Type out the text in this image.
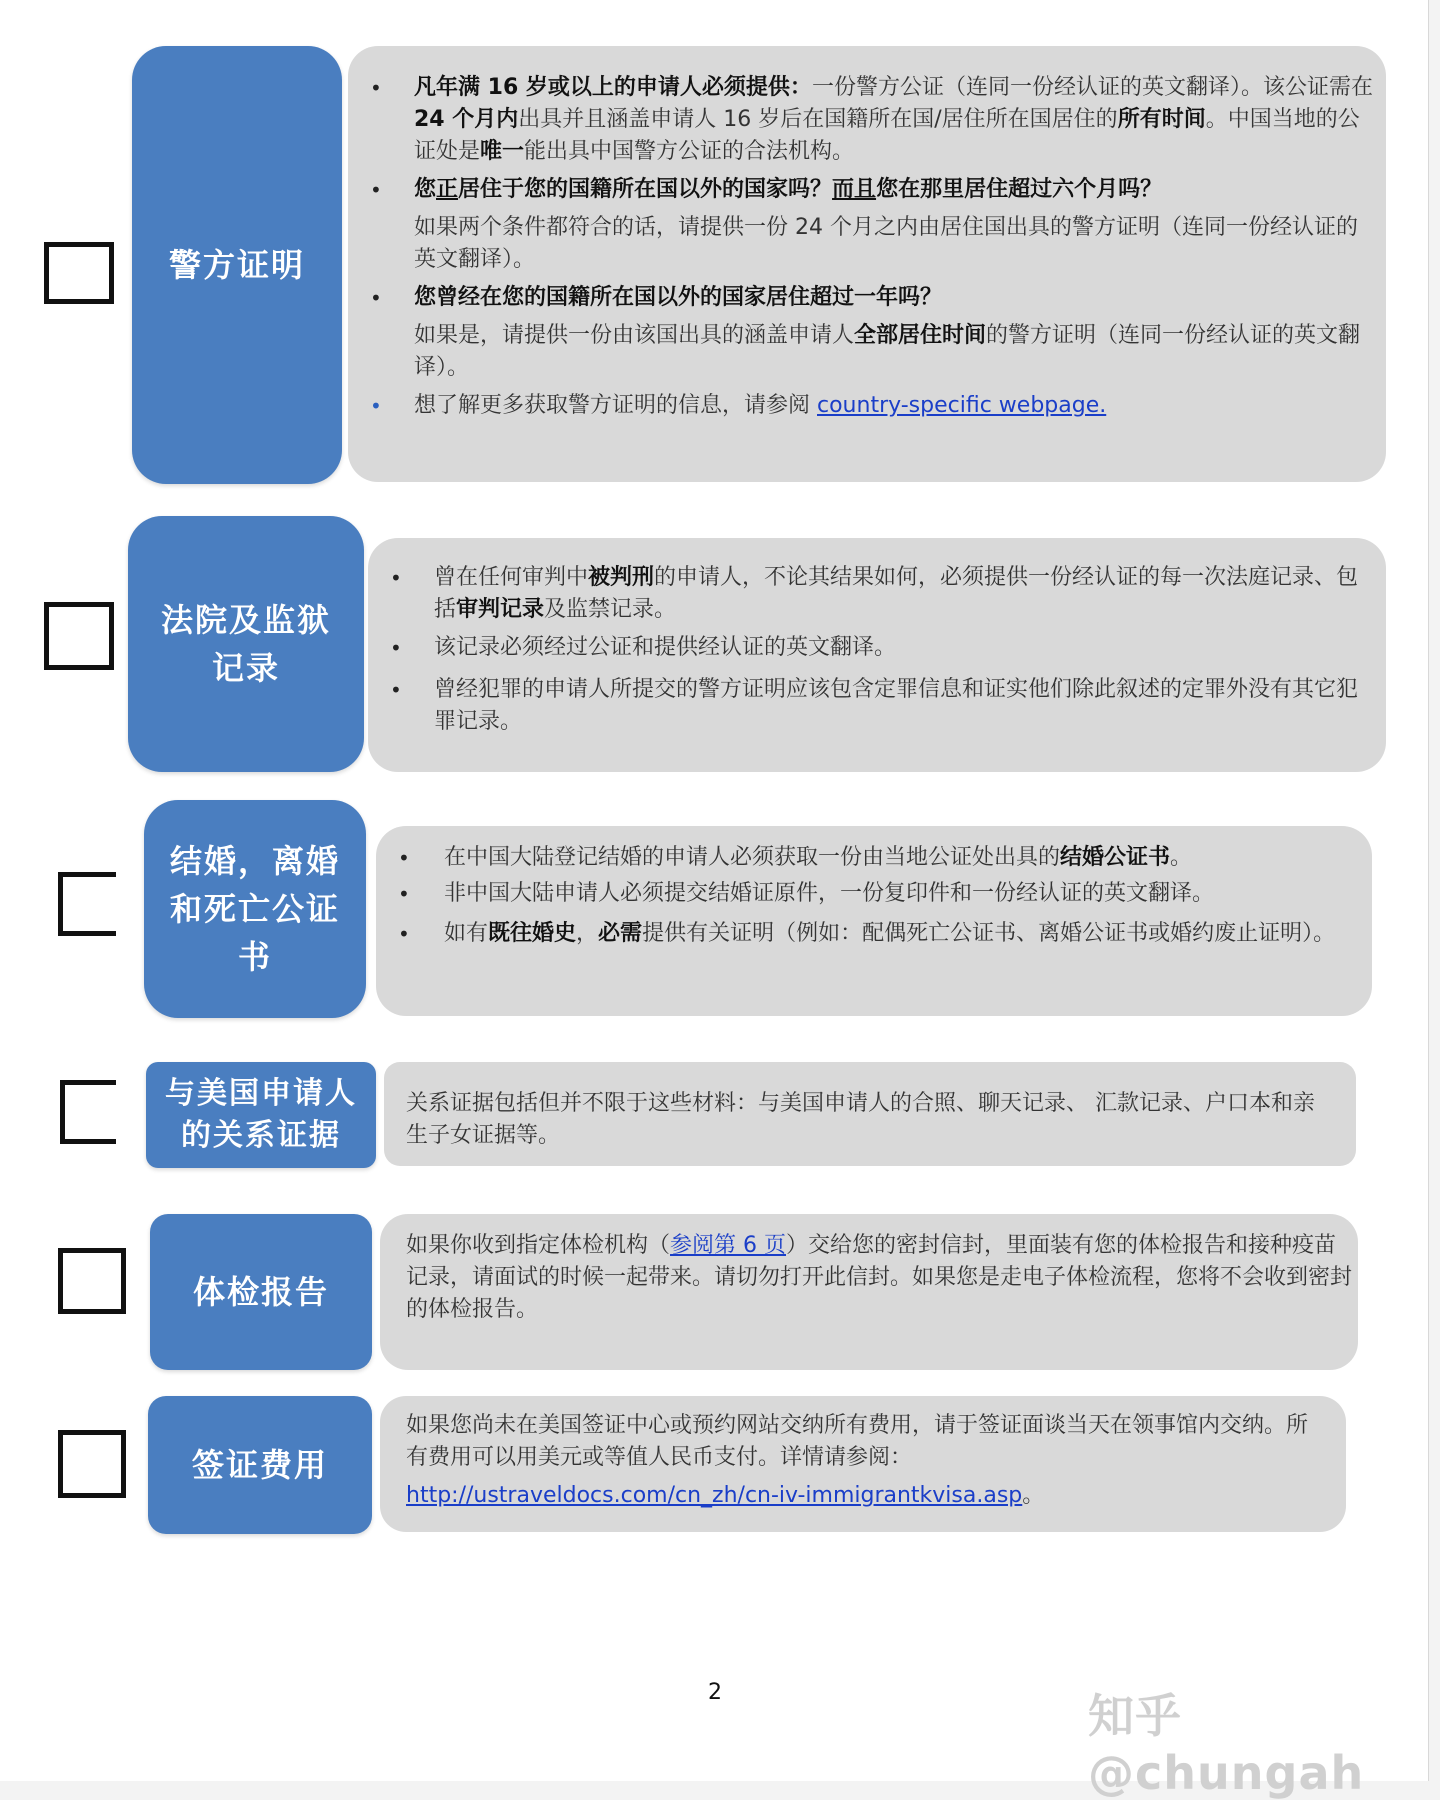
警方证明
• 凡年满 16 岁或以上的申请人必须提供：一份警方公证（连同一份经认证的英文翻译）。该公证需在24 个月内出具并且涵盖申请人 16 岁后在国籍所在国/居住所在国居住的所有时间。中国当地的公证处是唯一能出具中国警方公证的合法机构。
• 您正居住于您的国籍所在国以外的国家吗？而且您在那里居住超过六个月吗？
如果两个条件都符合的话，请提供一份 24 个月之内由居住国出具的警方证明（连同一份经认证的英文翻译）。
• 您曾经在您的国籍所在国以外的国家居住超过一年吗？
如果是，请提供一份由该国出具的涵盖申请人全部居住时间的警方证明（连同一份经认证的英文翻译）。
• 想了解更多获取警方证明的信息，请参阅 country-specific webpage.
法院及监狱
记录
• 曾在任何审判中被判刑的申请人，不论其结果如何，必须提供一份经认证的每一次法庭记录、包括审判记录及监禁记录。
• 该记录必须经过公证和提供经认证的英文翻译。
• 曾经犯罪的申请人所提交的警方证明应该包含定罪信息和证实他们除此叙述的定罪外没有其它犯罪记录。
结婚，离婚
和死亡公证
书
• 在中国大陆登记结婚的申请人必须获取一份由当地公证处出具的结婚公证书。
• 非中国大陆申请人必须提交结婚证原件，一份复印件和一份经认证的英文翻译。
• 如有既往婚史，必需提供有关证明（例如：配偶死亡公证书、离婚公证书或婚约废止证明）。
与美国申请人
的关系证据
关系证据包括但并不限于这些材料：与美国申请人的合照、聊天记录、 汇款记录、户口本和亲生子女证据等。
体检报告
如果你收到指定体检机构（参阅第 6 页）交给您的密封信封，里面装有您的体检报告和接种疫苗记录，请面试的时候一起带来。请切勿打开此信封。如果您是走电子体检流程，您将不会收到密封的体检报告。
签证费用
如果您尚未在美国签证中心或预约网站交纳所有费用，请于签证面谈当天在领事馆内交纳。所有费用可以用美元或等值人民币支付。详情请参阅：
http://ustraveldocs.com/cn_zh/cn-iv-immigrantkvisa.asp。
2	知乎 @chungah
